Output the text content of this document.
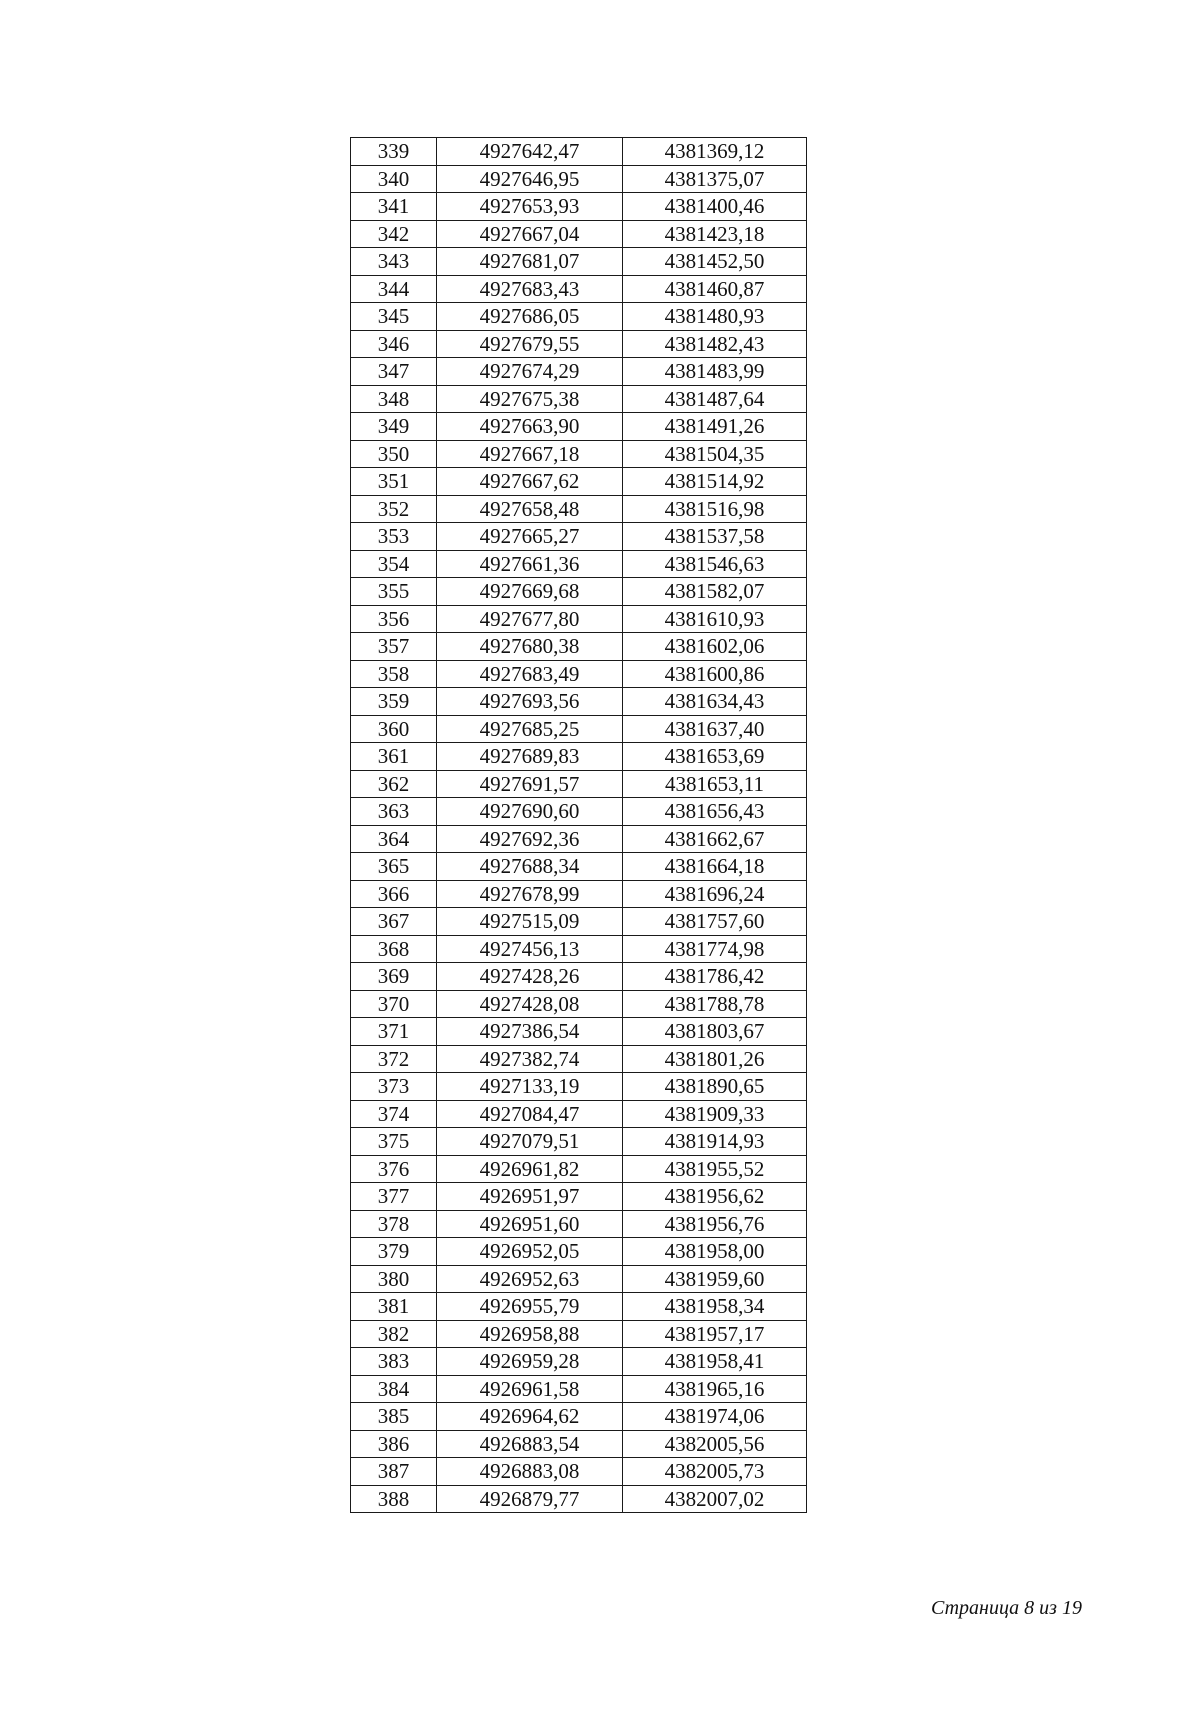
339	4927642,47	4381369,12
340	4927646,95	4381375,07
341	4927653,93	4381400,46
342	4927667,04	4381423,18
343	4927681,07	4381452,50
344	4927683,43	4381460,87
345	4927686,05	4381480,93
346	4927679,55	4381482,43
347	4927674,29	4381483,99
348	4927675,38	4381487,64
349	4927663,90	4381491,26
350	4927667,18	4381504,35
351	4927667,62	4381514,92
352	4927658,48	4381516,98
353	4927665,27	4381537,58
354	4927661,36	4381546,63
355	4927669,68	4381582,07
356	4927677,80	4381610,93
357	4927680,38	4381602,06
358	4927683,49	4381600,86
359	4927693,56	4381634,43
360	4927685,25	4381637,40
361	4927689,83	4381653,69
362	4927691,57	4381653,11
363	4927690,60	4381656,43
364	4927692,36	4381662,67
365	4927688,34	4381664,18
366	4927678,99	4381696,24
367	4927515,09	4381757,60
368	4927456,13	4381774,98
369	4927428,26	4381786,42
370	4927428,08	4381788,78
371	4927386,54	4381803,67
372	4927382,74	4381801,26
373	4927133,19	4381890,65
374	4927084,47	4381909,33
375	4927079,51	4381914,93
376	4926961,82	4381955,52
377	4926951,97	4381956,62
378	4926951,60	4381956,76
379	4926952,05	4381958,00
380	4926952,63	4381959,60
381	4926955,79	4381958,34
382	4926958,88	4381957,17
383	4926959,28	4381958,41
384	4926961,58	4381965,16
385	4926964,62	4381974,06
386	4926883,54	4382005,56
387	4926883,08	4382005,73
388	4926879,77	4382007,02
Страница 8 из 19
